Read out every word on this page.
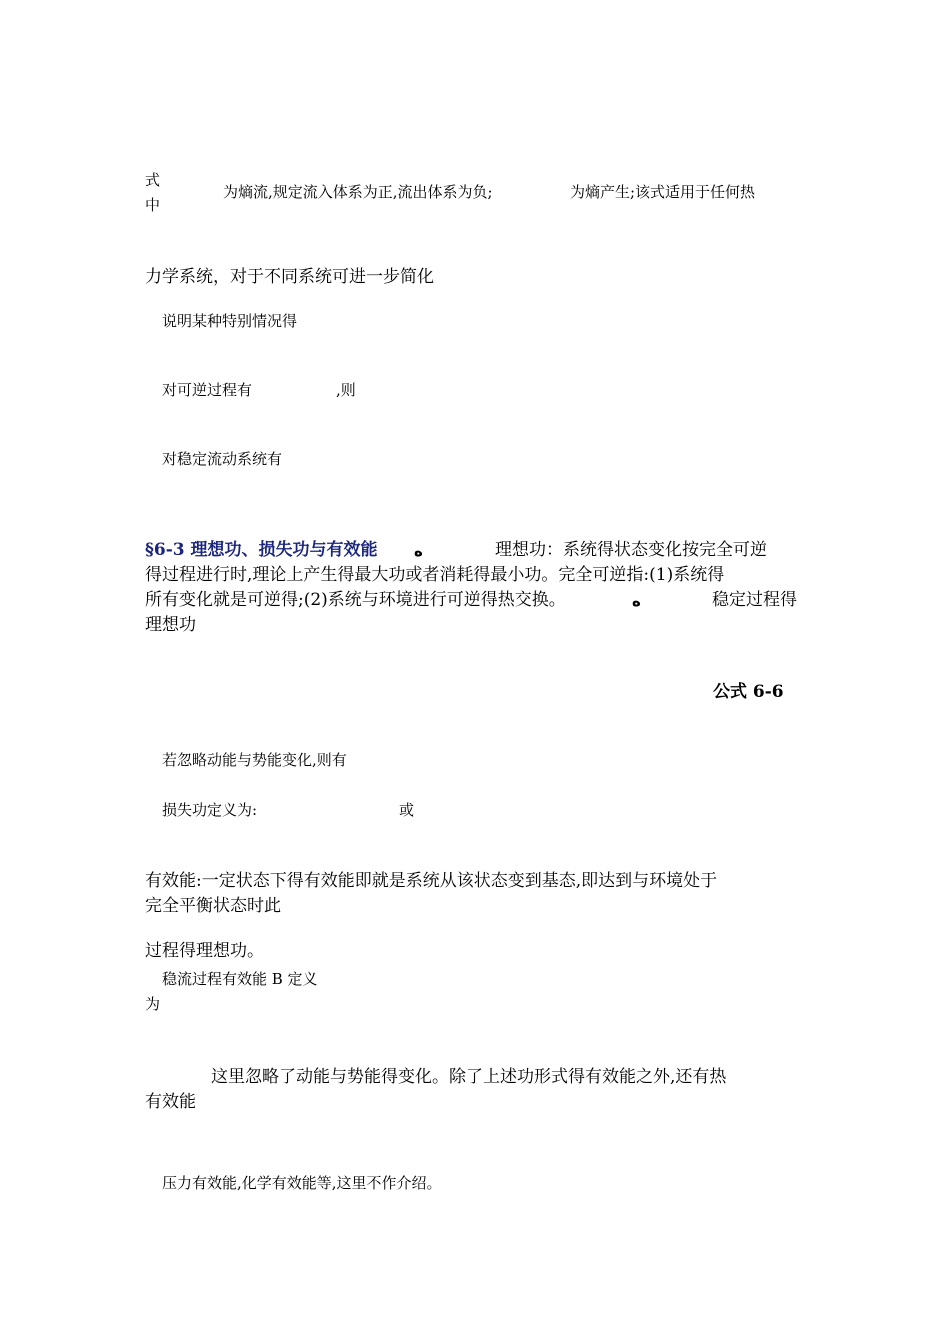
式
中
为熵流,规定流入体系为正,流出体系为负;	为熵产生;该式适用于任何热
力学系统，对于不同系统可进一步简化
说明某种特别情况得
对可逆过程有	,则
对稳定流动系统有
§6-3 理想功、损失功与有效能 ﻩ	理想功：系统得状态变化按完全可逆
得过程进行时,理论上产生得最大功或者消耗得最小功。完全可逆指:(1)系统得
所有变化就是可逆得;(2)系统与环境进行可逆得热交换。	ﻩ	稳定过程得
理想功
公式 6-6
若忽略动能与势能变化,则有
损失功定义为:	或
有效能:一定状态下得有效能即就是系统从该状态变到基态,即达到与环境处于
完全平衡状态时此
过程得理想功。
稳流过程有效能 B 定义
为
这里忽略了动能与势能得变化。除了上述功形式得有效能之外,还有热
有效能
压力有效能,化学有效能等,这里不作介绍。
